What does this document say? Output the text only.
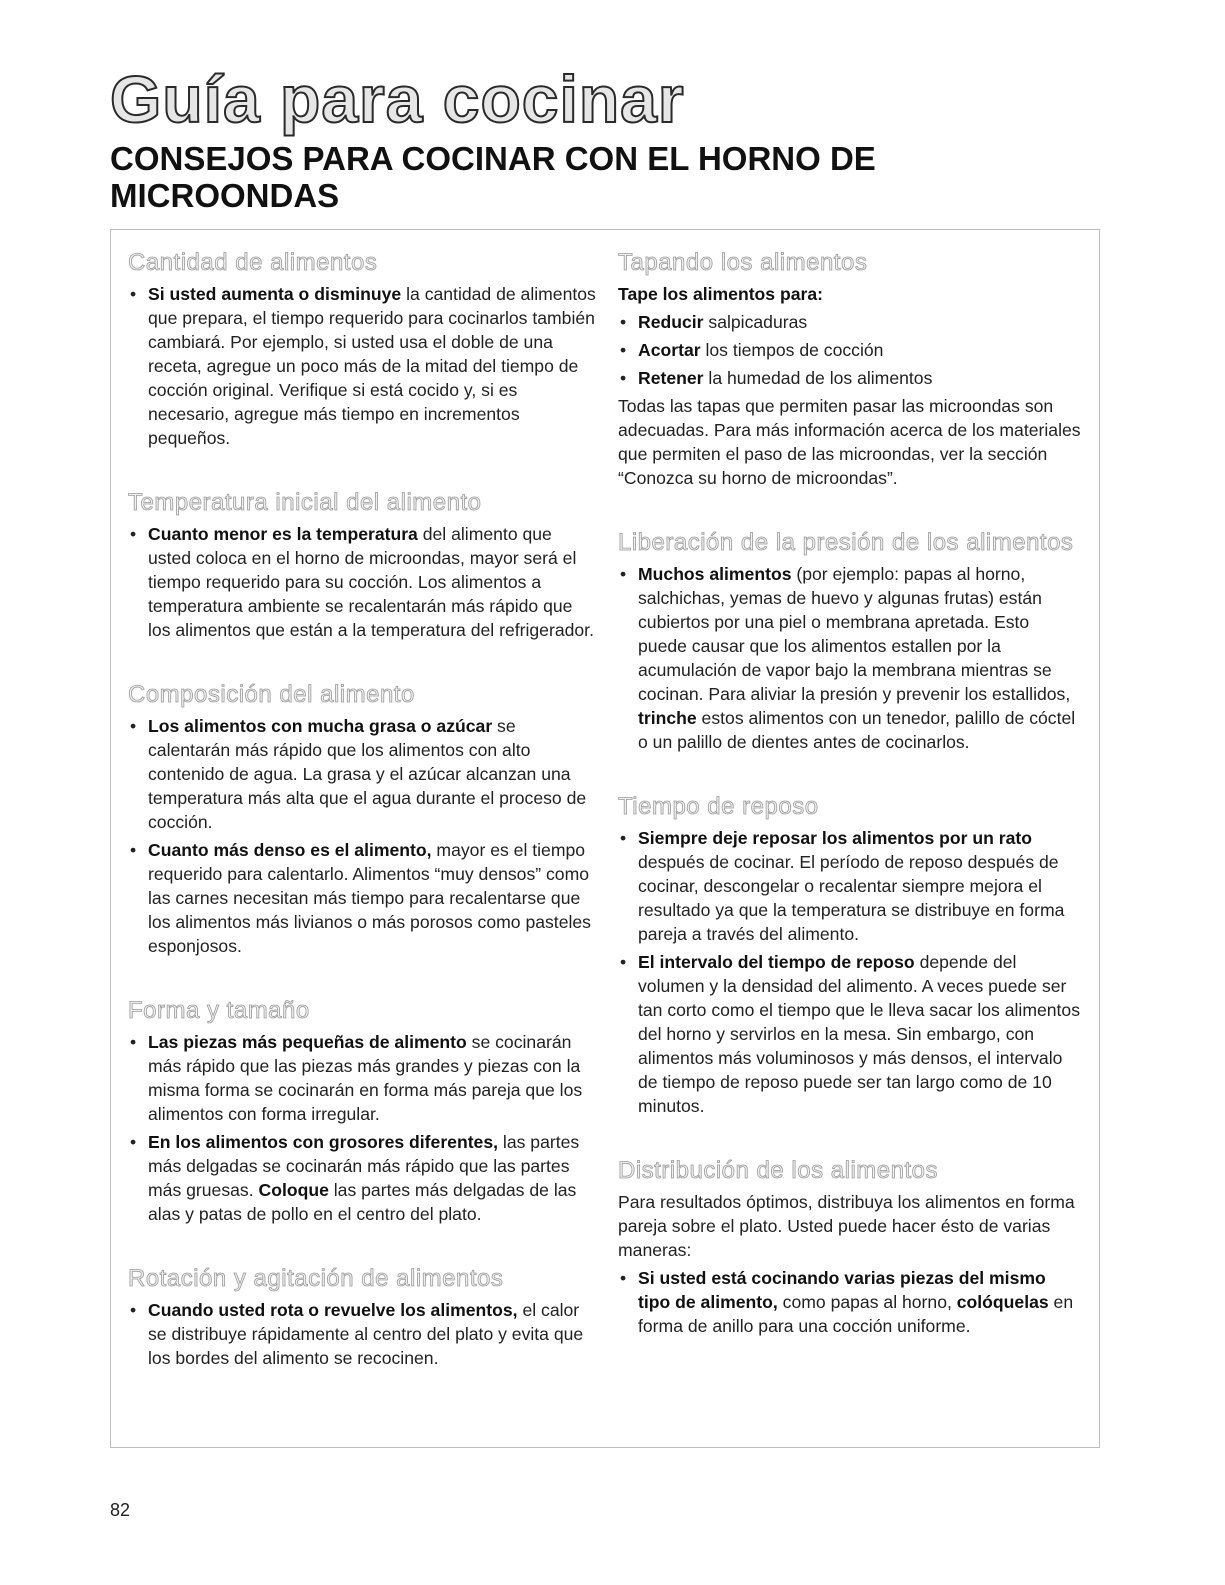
Guía para cocinar
CONSEJOS PARA COCINAR CON EL HORNO DE MICROONDAS
Cantidad de alimentos
• Si usted aumenta o disminuye la cantidad de alimentos que prepara, el tiempo requerido para cocinarlos también cambiará. Por ejemplo, si usted usa el doble de una receta, agregue un poco más de la mitad del tiempo de cocción original. Verifique si está cocido y, si es necesario, agregue más tiempo en incrementos pequeños.
Temperatura inicial del alimento
• Cuanto menor es la temperatura del alimento que usted coloca en el horno de microondas, mayor será el tiempo requerido para su cocción. Los alimentos a temperatura ambiente se recalentarán más rápido que los alimentos que están a la temperatura del refrigerador.
Composición del alimento
• Los alimentos con mucha grasa o azúcar se calentarán más rápido que los alimentos con alto contenido de agua. La grasa y el azúcar alcanzan una temperatura más alta que el agua durante el proceso de cocción.
• Cuanto más denso es el alimento, mayor es el tiempo requerido para calentarlo. Alimentos “muy densos” como las carnes necesitan más tiempo para recalentarse que los alimentos más livianos o más porosos como pasteles esponjosos.
Forma y tamaño
• Las piezas más pequeñas de alimento se cocinarán más rápido que las piezas más grandes y piezas con la misma forma se cocinarán en forma más pareja que los alimentos con forma irregular.
• En los alimentos con grosores diferentes, las partes más delgadas se cocinarán más rápido que las partes más gruesas. Coloque las partes más delgadas de las alas y patas de pollo en el centro del plato.
Rotación y agitación de alimentos
• Cuando usted rota o revuelve los alimentos, el calor se distribuye rápidamente al centro del plato y evita que los bordes del alimento se recocinen.
Tapando los alimentos

Tape los alimentos para:

• Reducir salpicaduras
• Acortar los tiempos de cocción
• Retener la humedad de los alimentos

Todas las tapas que permiten pasar las microondas son adecuadas. Para más información acerca de los materiales que permiten el paso de las microondas, ver la sección “Conozca su horno de microondas”.

Liberación de la presión de los alimentos
• Muchos alimentos (por ejemplo: papas al horno, salchichas, yemas de huevo y algunas frutas) están cubiertos por una piel o membrana apretada. Esto puede causar que los alimentos estallen por la acumulación de vapor bajo la membrana mientras se cocinan. Para aliviar la presión y prevenir los estallidos, trinche estos alimentos con un tenedor, palillo de cóctel o un palillo de dientes antes de cocinarlos.
Tiempo de reposo
• Siempre deje reposar los alimentos por un rato después de cocinar. El período de reposo después de cocinar, descongelar o recalentar siempre mejora el resultado ya que la temperatura se distribuye en forma pareja a través del alimento.
• El intervalo del tiempo de reposo depende del volumen y la densidad del alimento. A veces puede ser tan corto como el tiempo que le lleva sacar los alimentos del horno y servirlos en la mesa. Sin embargo, con alimentos más voluminosos y más densos, el intervalo de tiempo de reposo puede ser tan largo como de 10 minutos.
Distribución de los alimentos

Para resultados óptimos, distribuya los alimentos en forma pareja sobre el plato. Usted puede hacer ésto de varias maneras:

• Si usted está cocinando varias piezas del mismo tipo de alimento, como papas al horno, colóquelas en forma de anillo para una cocción uniforme.
82
